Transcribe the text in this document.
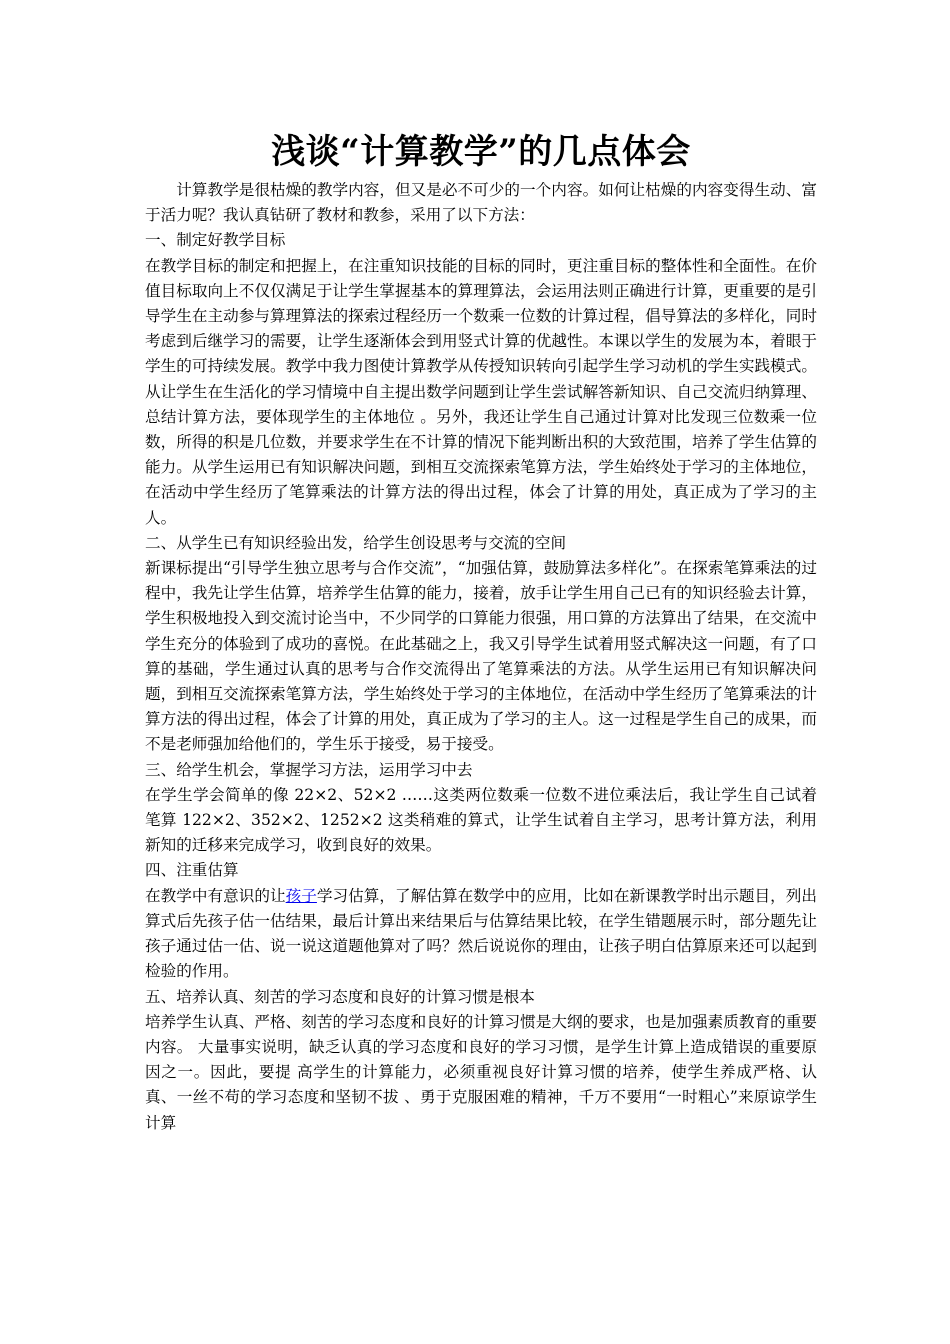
浅谈“计算教学”的几点体会

计算教学是很枯燥的教学内容，但又是必不可少的一个内容。如何让枯燥的内容变得生动、富于活力呢？我认真钻研了教材和教参，采用了以下方法：

一、制定好教学目标

在教学目标的制定和把握上，在注重知识技能的目标的同时，更注重目标的整体性和全面性。在价值目标取向上不仅仅满足于让学生掌握基本的算理算法，会运用法则正确进行计算，更重要的是引导学生在主动参与算理算法的探索过程经历一个数乘一位数的计算过程，倡导算法的多样化，同时考虑到后继学习的需要，让学生逐渐体会到用竖式计算的优越性。本课以学生的发展为本，着眼于学生的可持续发展。教学中我力图使计算教学从传授知识转向引起学生学习动机的学生实践模式。从让学生在生活化的学习情境中自主提出数学问题到让学生尝试解答新知识、自己交流归纳算理、总结计算方法，要体现学生的主体地位 。另外，我还让学生自己通过计算对比发现三位数乘一位数，所得的积是几位数，并要求学生在不计算的情况下能判断出积的大致范围，培养了学生估算的能力。从学生运用已有知识解决问题，到相互交流探索笔算方法，学生始终处于学习的主体地位，在活动中学生经历了笔算乘法的计算方法的得出过程，体会了计算的用处，真正成为了学习的主人。

二、从学生已有知识经验出发，给学生创设思考与交流的空间

新课标提出“引导学生独立思考与合作交流”，“加强估算，鼓励算法多样化”。在探索笔算乘法的过程中，我先让学生估算，培养学生估算的能力，接着，放手让学生用自己已有的知识经验去计算，学生积极地投入到交流讨论当中，不少同学的口算能力很强，用口算的方法算出了结果，在交流中学生充分的体验到了成功的喜悦。在此基础之上，我又引导学生试着用竖式解决这一问题，有了口算的基础，学生通过认真的思考与合作交流得出了笔算乘法的方法。从学生运用已有知识解决问题，到相互交流探索笔算方法，学生始终处于学习的主体地位，在活动中学生经历了笔算乘法的计算方法的得出过程，体会了计算的用处，真正成为了学习的主人。这一过程是学生自己的成果，而不是老师强加给他们的，学生乐于接受，易于接受。

三、给学生机会，掌握学习方法，运用学习中去

在学生学会简单的像 22×2、52×2 ……这类两位数乘一位数不进位乘法后，我让学生自己试着笔算 122×2、352×2、1252×2 这类稍难的算式，让学生试着自主学习，思考计算方法，利用新知的迁移来完成学习，收到良好的效果。

四、注重估算

在教学中有意识的让孩子学习估算，了解估算在数学中的应用，比如在新课教学时出示题目，列出算式后先孩子估一估结果，最后计算出来结果后与估算结果比较，在学生错题展示时，部分题先让孩子通过估一估、说一说这道题他算对了吗？然后说说你的理由，让孩子明白估算原来还可以起到检验的作用。

五、培养认真、刻苦的学习态度和良好的计算习惯是根本

培养学生认真、严格、刻苦的学习态度和良好的计算习惯是大纲的要求，也是加强素质教育的重要内容。 大量事实说明，缺乏认真的学习态度和良好的学习习惯，是学生计算上造成错误的重要原因之一。因此，要提 高学生的计算能力，必须重视良好计算习惯的培养，使学生养成严格、认真、一丝不苟的学习态度和坚韧不拔 、勇于克服困难的精神，千万不要用“一时粗心”来原谅学生计算
